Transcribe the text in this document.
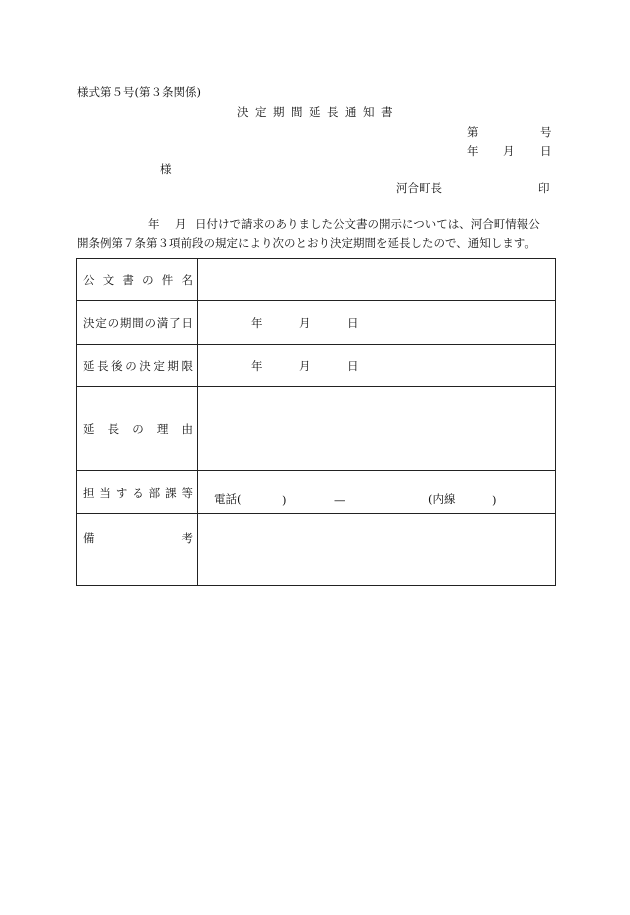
様式第５号(第３条関係)
決定期間延長通知書
第	号
年 月 日
様
河合町長	印
年 月 日付けで請求のありました公文書の開示については、河合町情報公
開条例第７条第３項前段の規定により次のとおり決定期間を延長したので、通知します。
公文書の件名	

決定の期間の満了日	年 月 日

延長後の決定期限	年 月 日

延長の理由	

担当する部課等	電話( ) — (内線 )

備考	
